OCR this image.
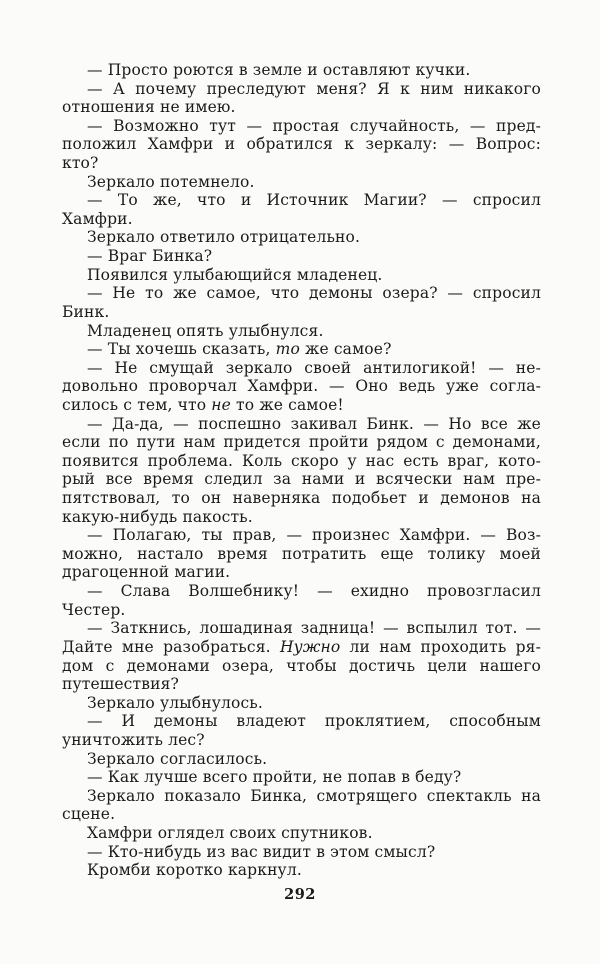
— Просто роются в земле и оставляют кучки.
— А почему преследуют меня? Я к ним никакого
отношения не имею.
— Возможно тут — простая случайность, — пред-
положил Хамфри и обратился к зеркалу: — Вопрос:
кто?
Зеркало потемнело.
— То же, что и Источник Магии? — спросил
Хамфри.
Зеркало ответило отрицательно.
— Враг Бинка?
Появился улыбающийся младенец.
— Не то же самое, что демоны озера? — спросил
Бинк.
Младенец опять улыбнулся.
— Ты хочешь сказать, то же самое?
— Не смущай зеркало своей антилогикой! — не-
довольно проворчал Хамфри. — Оно ведь уже согла-
силось с тем, что не то же самое!
— Да-да, — поспешно закивал Бинк. — Но все же
если по пути нам придется пройти рядом с демонами,
появится проблема. Коль скоро у нас есть враг, кото-
рый все время следил за нами и всячески нам пре-
пятствовал, то он наверняка подобьет и демонов на
какую-нибудь пакость.
— Полагаю, ты прав, — произнес Хамфри. — Воз-
можно, настало время потратить еще толику моей
драгоценной магии.
— Слава Волшебнику! — ехидно провозгласил
Честер.
— Заткнись, лошадиная задница! — вспылил тот. —
Дайте мне разобраться. Нужно ли нам проходить ря-
дом с демонами озера, чтобы достичь цели нашего
путешествия?
Зеркало улыбнулось.
— И демоны владеют проклятием, способным
уничтожить лес?
Зеркало согласилось.
— Как лучше всего пройти, не попав в беду?
Зеркало показало Бинка, смотрящего спектакль на
сцене.
Хамфри оглядел своих спутников.
— Кто-нибудь из вас видит в этом смысл?
Кромби коротко каркнул.
292
